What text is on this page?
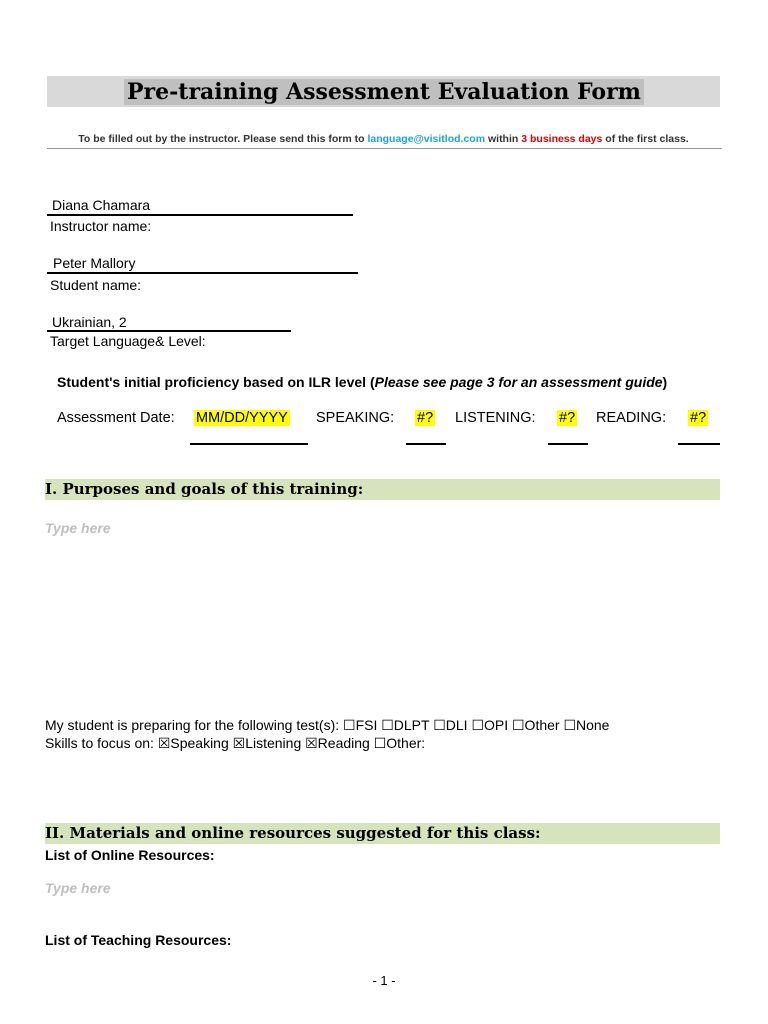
Pre-training Assessment Evaluation Form
To be filled out by the instructor. Please send this form to language@visitlod.com within 3 business days of the first class.
Diana Chamara
Instructor name:
Peter Mallory
Student name:
Ukrainian, 2
Target Language& Level:
Student's initial proficiency based on ILR level (Please see page 3 for an assessment guide)
Assessment Date: MM/DD/YYYY SPEAKING: #? LISTENING: #? READING: #?
I. Purposes and goals of this training:
Type here
My student is preparing for the following test(s): ☐FSI ☐DLPT ☐DLI ☐OPI ☐Other ☐None
Skills to focus on: ☒Speaking ☒Listening ☒Reading ☐Other:
II. Materials and online resources suggested for this class:
List of Online Resources:
Type here
List of Teaching Resources:
- 1 -
